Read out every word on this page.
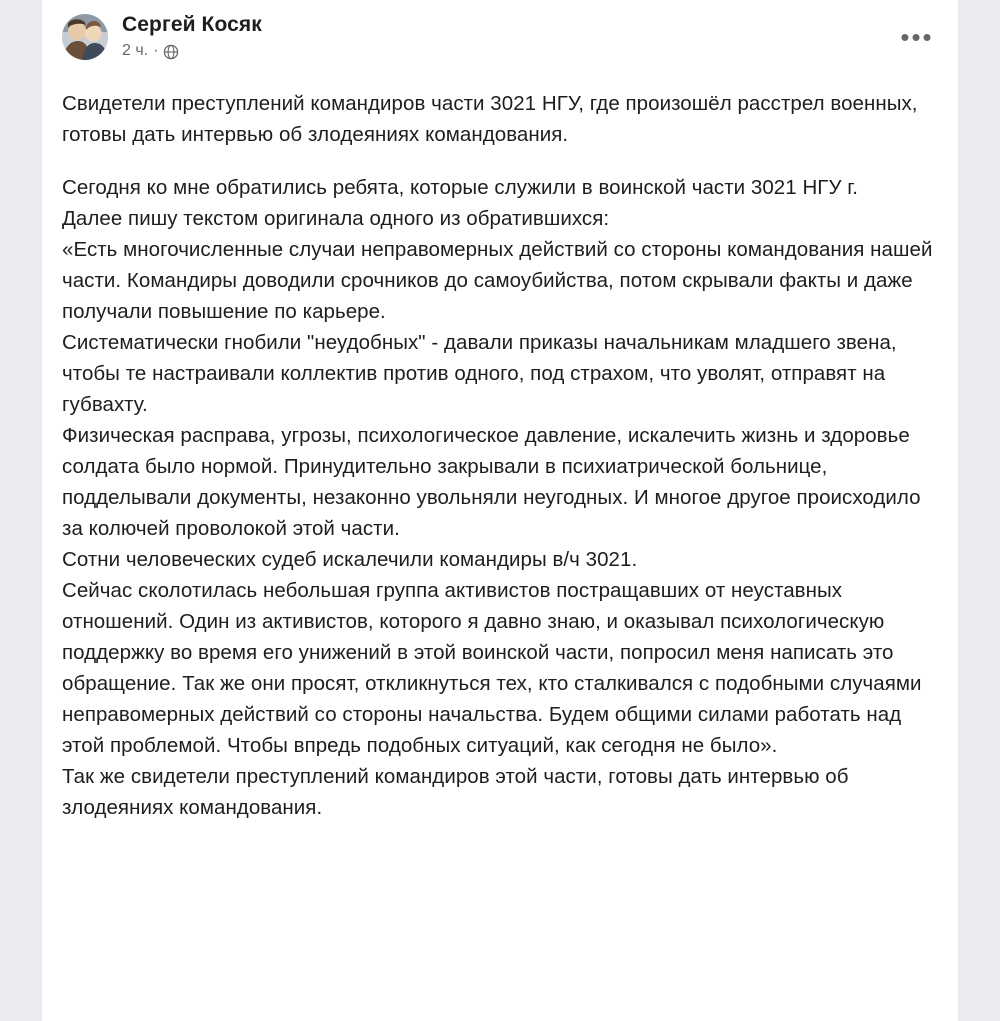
Сергей Косяк
2 ч. ·	•••

Свидетели преступлений командиров части 3021 НГУ, где произошёл расстрел военных, готовы дать интервью об злодеяниях командования.

Сегодня ко мне обратились ребята, которые служили в воинской части 3021 НГУ г.

Далее пишу текстом оригинала одного из обратившихся:

«Есть многочисленные случаи неправомерных действий со стороны командования нашей части. Командиры доводили срочников до самоубийства, потом скрывали факты и даже получали повышение по карьере.

Систематически гнобили "неудобных" - давали приказы начальникам младшего звена, чтобы те настраивали коллектив против одного, под страхом, что уволят, отправят на губвахту.

Физическая расправа, угрозы, психологическое давление, искалечить жизнь и здоровье солдата было нормой. Принудительно закрывали в психиатрической больнице, подделывали документы, незаконно увольняли неугодных. И многое другое происходило за колючей проволокой этой части.

Сотни человеческих судеб искалечили командиры в/ч 3021.

Сейчас сколотилась небольшая группа активистов постращавших от неуставных отношений. Один из активистов, которого я давно знаю, и оказывал психологическую поддержку во время его унижений в этой воинской части, попросил меня написать это обращение. Так же они просят, откликнуться тех, кто сталкивался с подобными случаями неправомерных действий со стороны начальства. Будем общими силами работать над этой проблемой. Чтобы впредь подобных ситуаций, как сегодня не было».

Так же свидетели преступлений командиров этой части, готовы дать интервью об злодеяниях командования.
